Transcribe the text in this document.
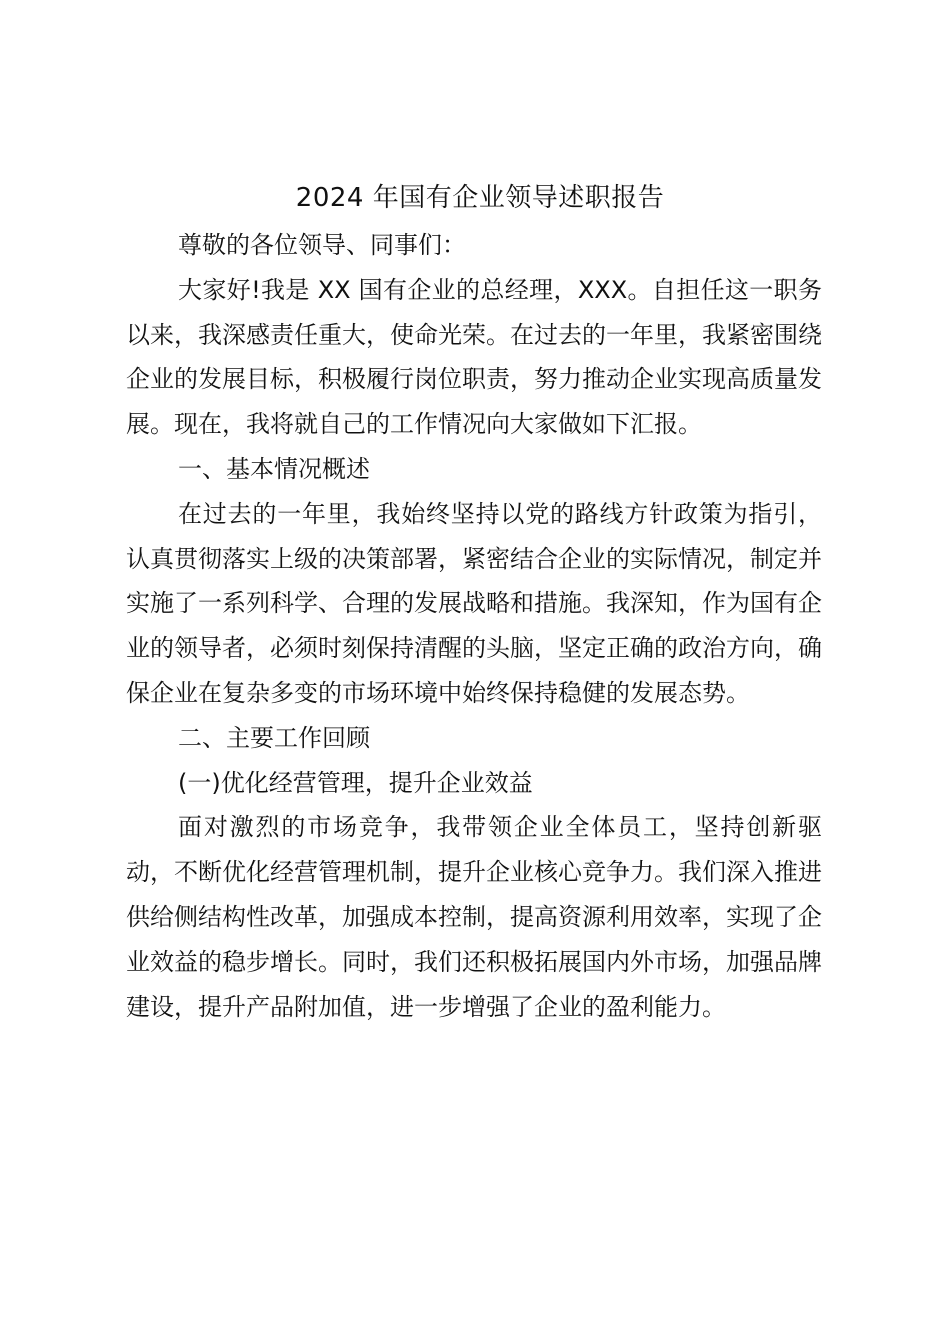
2024 年国有企业领导述职报告

尊敬的各位领导、同事们：

大家好!我是 XX 国有企业的总经理，XXX。自担任这一职务以来，我深感责任重大，使命光荣。在过去的一年里，我紧密围绕企业的发展目标，积极履行岗位职责，努力推动企业实现高质量发展。现在，我将就自己的工作情况向大家做如下汇报。

一、基本情况概述

在过去的一年里，我始终坚持以党的路线方针政策为指引，认真贯彻落实上级的决策部署，紧密结合企业的实际情况，制定并实施了一系列科学、合理的发展战略和措施。我深知，作为国有企业的领导者，必须时刻保持清醒的头脑，坚定正确的政治方向，确保企业在复杂多变的市场环境中始终保持稳健的发展态势。

二、主要工作回顾

(一)优化经营管理，提升企业效益

面对激烈的市场竞争，我带领企业全体员工，坚持创新驱动，不断优化经营管理机制，提升企业核心竞争力。我们深入推进供给侧结构性改革，加强成本控制，提高资源利用效率，实现了企业效益的稳步增长。同时，我们还积极拓展国内外市场，加强品牌建设，提升产品附加值，进一步增强了企业的盈利能力。
